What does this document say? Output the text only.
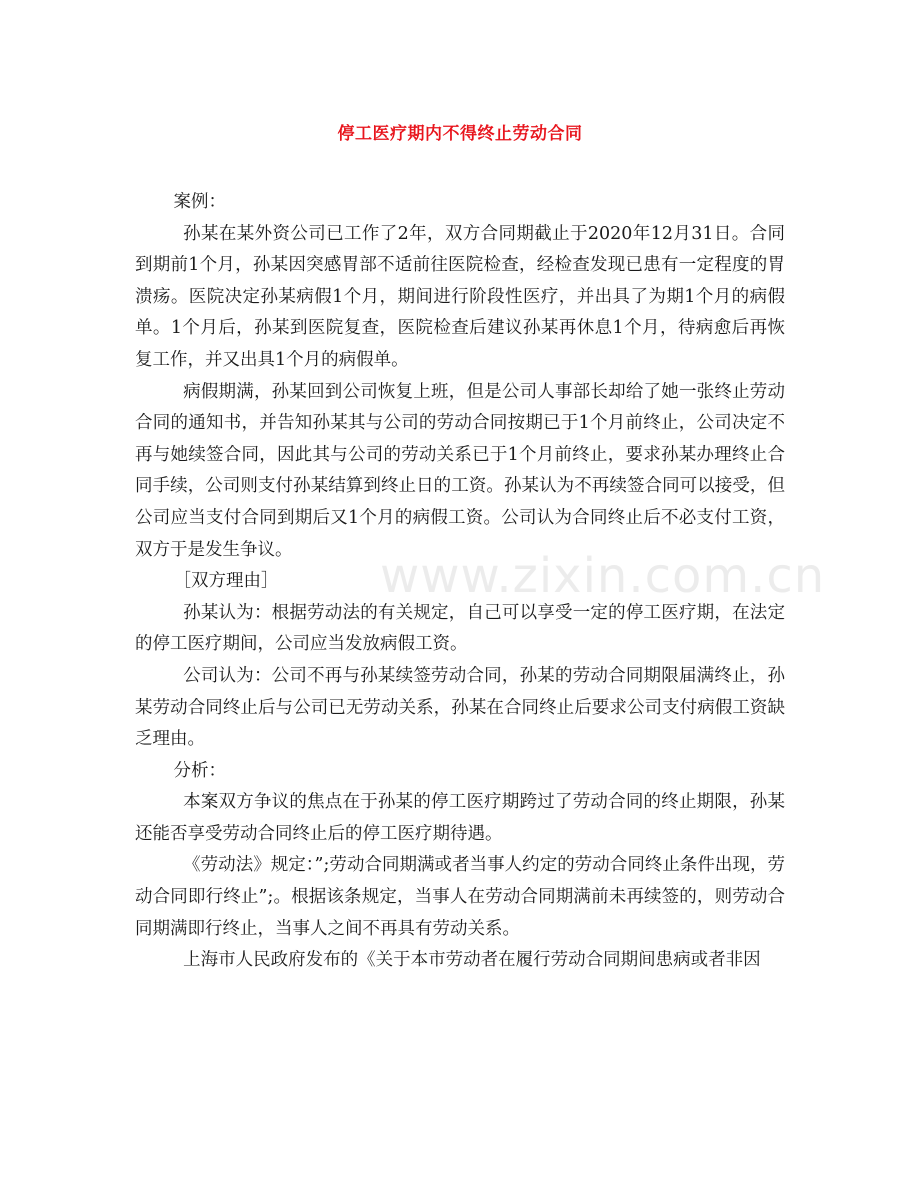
停工医疗期内不得终止劳动合同
www.zixin.com.cn

案例：

孙某在某外资公司已工作了2年，双方合同期截止于2020年12月31日。合同到期前1个月，孙某因突感胃部不适前往医院检查，经检查发现已患有一定程度的胃溃疡。医院决定孙某病假1个月，期间进行阶段性医疗，并出具了为期1个月的病假单。1个月后，孙某到医院复查，医院检查后建议孙某再休息1个月，待病愈后再恢复工作，并又出具1个月的病假单。

病假期满，孙某回到公司恢复上班，但是公司人事部长却给了她一张终止劳动合同的通知书，并告知孙某其与公司的劳动合同按期已于1个月前终止，公司决定不再与她续签合同，因此其与公司的劳动关系已于1个月前终止，要求孙某办理终止合同手续，公司则支付孙某结算到终止日的工资。孙某认为不再续签合同可以接受，但公司应当支付合同到期后又1个月的病假工资。公司认为合同终止后不必支付工资，双方于是发生争议。

［双方理由］

孙某认为：根据劳动法的有关规定，自己可以享受一定的停工医疗期，在法定的停工医疗期间，公司应当发放病假工资。

公司认为：公司不再与孙某续签劳动合同，孙某的劳动合同期限届满终止，孙某劳动合同终止后与公司已无劳动关系，孙某在合同终止后要求公司支付病假工资缺乏理由。

分析：

本案双方争议的焦点在于孙某的停工医疗期跨过了劳动合同的终止期限，孙某还能否享受劳动合同终止后的停工医疗期待遇。

《劳动法》规定：”;劳动合同期满或者当事人约定的劳动合同终止条件出现，劳动合同即行终止”;。根据该条规定，当事人在劳动合同期满前未再续签的，则劳动合同期满即行终止，当事人之间不再具有劳动关系。

上海市人民政府发布的《关于本市劳动者在履行劳动合同期间患病或者非因
